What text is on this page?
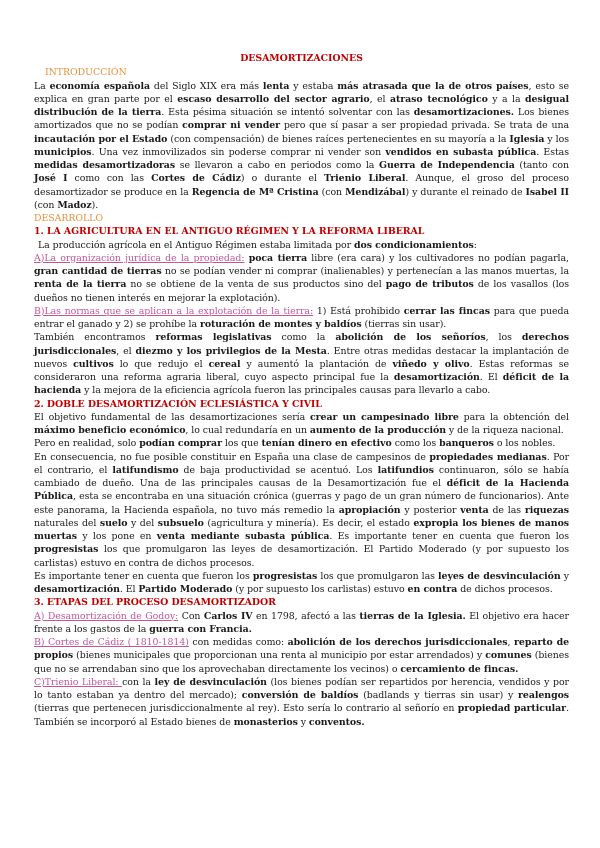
DESAMORTIZACIONES
INTRODUCCIÓN

La economía española del Siglo XIX era más lenta y estaba más atrasada que la de otros países, esto se explica en gran parte por el escaso desarrollo del sector agrario, el atraso tecnológico y a la desigual distribución de la tierra. Esta pésima situación se intentó solventar con las desamortizaciones. Los bienes amortizados que no se podían comprar ni vender pero que sí pasar a ser propiedad privada. Se trata de una incautación por el Estado (con compensación) de bienes raíces pertenecientes en su mayoría a la Iglesia y los municipios. Una vez inmovilizados sin poderse comprar ni vender son vendidos en subasta pública. Estas medidas desamortizadoras se llevaron a cabo en periodos como la Guerra de Independencia (tanto con José I como con las Cortes de Cádiz) o durante el Trienio Liberal. Aunque, el groso del proceso desamortizador se produce en la Regencia de Mª Cristina (con Mendizábal) y durante el reinado de Isabel II (con Madoz).

DESARROLLO
1. LA AGRICULTURA EN EL ANTIGUO RÉGIMEN Y LA REFORMA LIBERAL

La producción agrícola en el Antiguo Régimen estaba limitada por dos condicionamientos:

A)La organización jurídica de la propiedad: poca tierra libre (era cara) y los cultivadores no podían pagarla, gran cantidad de tierras no se podían vender ni comprar (inalienables) y pertenecían a las manos muertas, la renta de la tierra no se obtiene de la venta de sus productos sino del pago de tributos de los vasallos (los dueños no tienen interés en mejorar la explotación).

B)Las normas que se aplican a la explotación de la tierra: 1) Está prohibido cerrar las fincas para que pueda entrar el ganado y 2) se prohíbe la roturación de montes y baldíos (tierras sin usar).

También encontramos reformas legislativas como la abolición de los señoríos, los derechos jurisdiccionales, el diezmo y los privilegios de la Mesta. Entre otras medidas destacar la implantación de nuevos cultivos lo que redujo el cereal y aumentó la plantación de viñedo y olivo. Estas reformas se consideraron una reforma agraria liberal, cuyo aspecto principal fue la desamortización. El déficit de la hacienda y la mejora de la eficiencia agrícola fueron las principales causas para llevarlo a cabo.

2. DOBLE DESAMORTIZACIÓN ECLESIÁSTICA Y CIVIL

El objetivo fundamental de las desamortizaciones sería crear un campesinado libre para la obtención del máximo beneficio económico, lo cual redundaría en un aumento de la producción y de la riqueza nacional.

Pero en realidad, solo podían comprar los que tenían dinero en efectivo como los banqueros o los nobles.

En consecuencia, no fue posible constituir en España una clase de campesinos de propiedades medianas. Por el contrario, el latifundismo de baja productividad se acentuó. Los latifundios continuaron, sólo se había cambiado de dueño. Una de las principales causas de la Desamortización fue el déficit de la Hacienda Pública, esta se encontraba en una situación crónica (guerras y pago de un gran número de funcionarios). Ante este panorama, la Hacienda española, no tuvo más remedio la apropiación y posterior venta de las riquezas naturales del suelo y del subsuelo (agricultura y minería). Es decir, el estado expropia los bienes de manos muertas y los pone en venta mediante subasta pública. Es importante tener en cuenta que fueron los progresistas los que promulgaron las leyes de desamortización. El Partido Moderado (y por supuesto los carlistas) estuvo en contra de dichos procesos.

Es importante tener en cuenta que fueron los progresistas los que promulgaron las leyes de desvinculación y desamortización. El Partido Moderado (y por supuesto los carlistas) estuvo en contra de dichos procesos.

3. ETAPAS DEL PROCESO DESAMORTIZADOR

A) Desamortización de Godoy: Con Carlos IV en 1798, afectó a las tierras de la Iglesia. El objetivo era hacer frente a los gastos de la guerra con Francia.

B) Cortes de Cádiz ( 1810-1814) con medidas como: abolición de los derechos jurisdiccionales, reparto de propios (bienes municipales que proporcionan una renta al municipio por estar arrendados) y comunes (bienes que no se arrendaban sino que los aprovechaban directamente los vecinos) o cercamiento de fincas.

C)Trienio Liberal: con la ley de desvinculación (los bienes podían ser repartidos por herencia, vendidos y por lo tanto estaban ya dentro del mercado); conversión de baldíos (badlands y tierras sin usar) y realengos (tierras que pertenecen jurisdiccionalmente al rey). Esto sería lo contrario al señorío en propiedad particular. También se incorporó al Estado bienes de monasterios y conventos.
